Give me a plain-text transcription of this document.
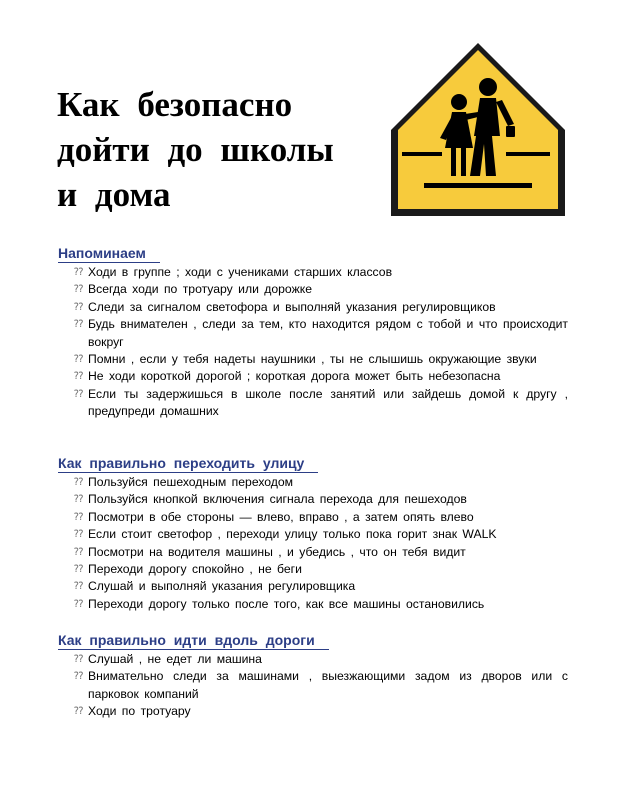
Как безопасно
дойти до школы
и дома
Напоминаем
⁇ Ходи в группе ; ходи с учениками старших классов
⁇ Всегда ходи по тротуару или дорожке
⁇ Следи за сигналом светофора и выполняй указания регулировщиков
⁇ Будь внимателен , следи за тем, кто находится рядом с тобой и что происходит вокруг
⁇ Помни , если у тебя надеты наушники , ты не слышишь окружающие звуки
⁇ Не ходи короткой дорогой ; короткая дорога может быть небезопасна
⁇ Если ты задержишься в школе после занятий или зайдешь домой к другу , предупреди домашних
Как правильно переходить улицу
⁇ Пользуйся пешеходным переходом
⁇ Пользуйся кнопкой включения сигнала перехода для пешеходов
⁇ Посмотри в обе стороны — влево, вправо , а затем опять влево
⁇ Если стоит светофор , переходи улицу только пока горит знак WALK
⁇ Посмотри на водителя машины , и убедись , что он тебя видит
⁇ Переходи дорогу спокойно , не беги
⁇ Слушай и выполняй указания регулировщика
⁇ Переходи дорогу только после того, как все машины остановились
Как правильно идти вдоль дороги
⁇ Слушай , не едет ли машина
⁇ Внимательно следи за машинами , выезжающими задом из дворов или с парковок компаний
⁇ Ходи по тротуару
